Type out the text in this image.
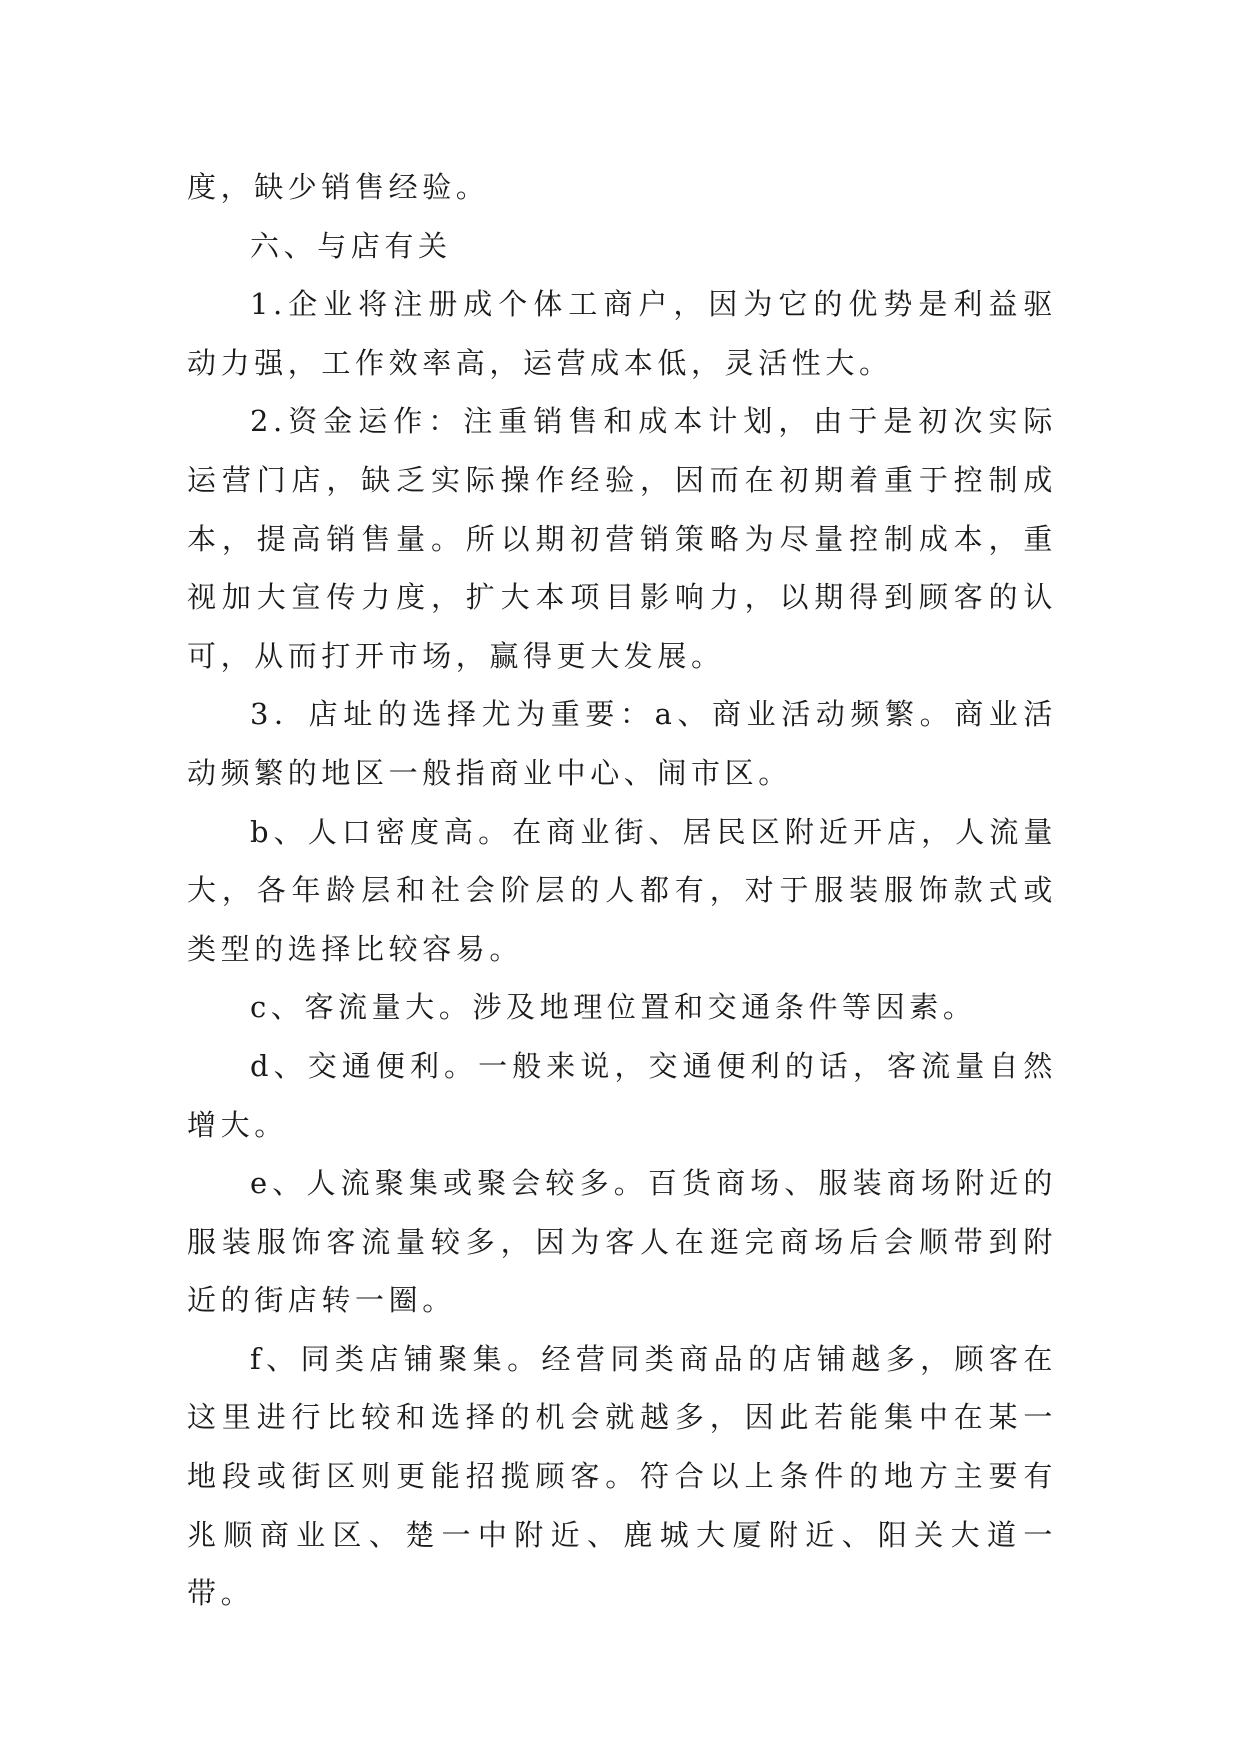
度，缺少销售经验。

六、与店有关

1.企业将注册成个体工商户，因为它的优势是利益驱动力强，工作效率高，运营成本低，灵活性大。

2.资金运作：注重销售和成本计划，由于是初次实际运营门店，缺乏实际操作经验，因而在初期着重于控制成本，提高销售量。所以期初营销策略为尽量控制成本，重视加大宣传力度，扩大本项目影响力，以期得到顾客的认可，从而打开市场，赢得更大发展。

3．店址的选择尤为重要：a、商业活动频繁。商业活动频繁的地区一般指商业中心、闹市区。

b、人口密度高。在商业街、居民区附近开店，人流量大，各年龄层和社会阶层的人都有，对于服装服饰款式或类型的选择比较容易。

c、客流量大。涉及地理位置和交通条件等因素。

d、交通便利。一般来说，交通便利的话，客流量自然增大。

e、人流聚集或聚会较多。百货商场、服装商场附近的服装服饰客流量较多，因为客人在逛完商场后会顺带到附近的街店转一圈。

f、同类店铺聚集。经营同类商品的店铺越多，顾客在这里进行比较和选择的机会就越多，因此若能集中在某一地段或街区则更能招揽顾客。符合以上条件的地方主要有兆顺商业区、楚一中附近、鹿城大厦附近、阳关大道一带。
